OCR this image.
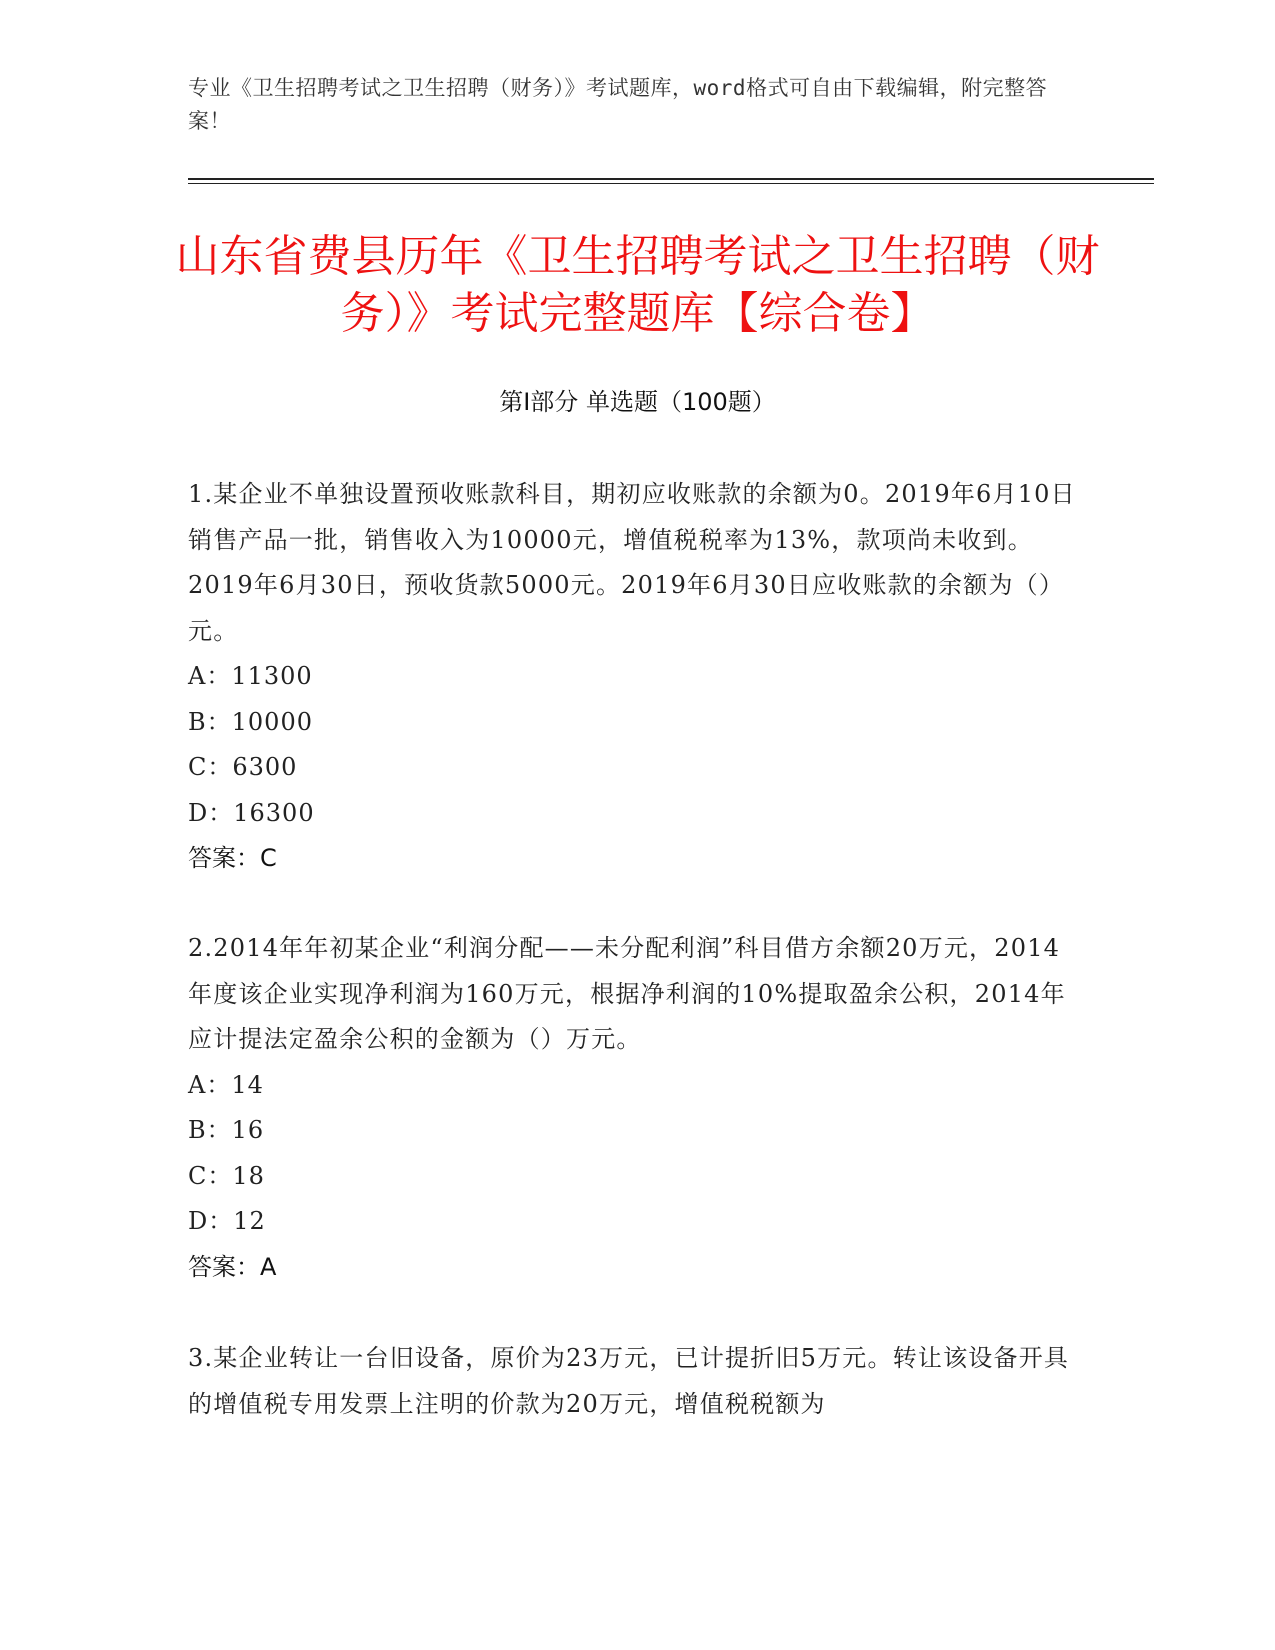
专业《卫生招聘考试之卫生招聘（财务）》考试题库，word格式可自由下载编辑，附完整答案！
山东省费县历年《卫生招聘考试之卫生招聘（财务）》考试完整题库【综合卷】
第I部分 单选题（100题）

1.某企业不单独设置预收账款科目，期初应收账款的余额为0。2019年6月10日销售产品一批，销售收入为10000元，增值税税率为13%，款项尚未收到。2019年6月30日，预收货款5000元。2019年6月30日应收账款的余额为（）元。

A：11300
B：10000
C：6300
D：16300
答案：C

2.2014年年初某企业“利润分配——未分配利润”科目借方余额20万元，2014年度该企业实现净利润为160万元，根据净利润的10%提取盈余公积，2014年应计提法定盈余公积的金额为（）万元。

A：14
B：16
C：18
D：12
答案：A

3.某企业转让一台旧设备，原价为23万元，已计提折旧5万元。转让该设备开具的增值税专用发票上注明的价款为20万元，增值税税额为
